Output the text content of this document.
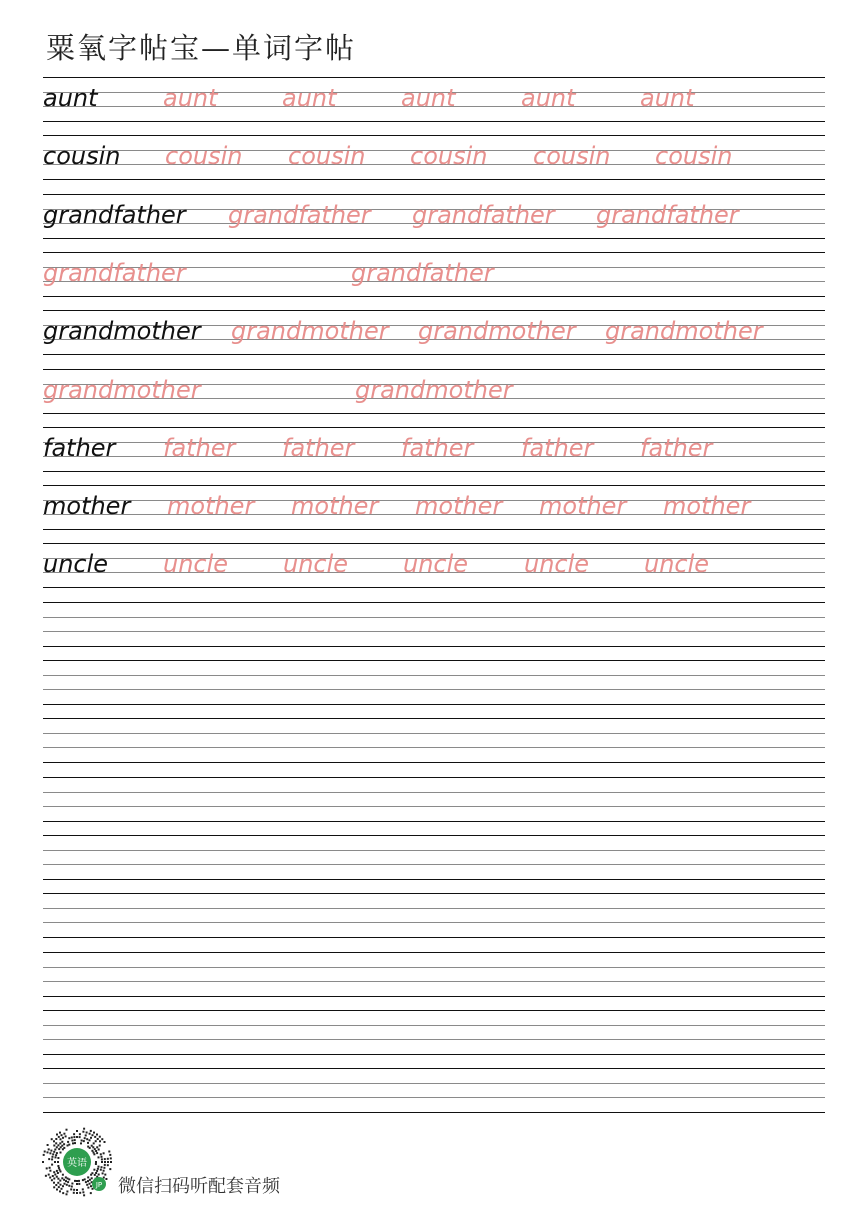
粟氧字帖宝—单词字帖
aunt	aunt	aunt	aunt	aunt	aunt
cousin cousin cousin cousin cousin cousin
grandfather grandfather grandfather grandfather
grandfather	grandfather
grandmother grandmother grandmother grandmother
grandmother	grandmother
father father father father father father
mother mother mother mother mother mother
uncle uncle uncle uncle uncle uncle
英语
JP 微信扫码听配套音频
